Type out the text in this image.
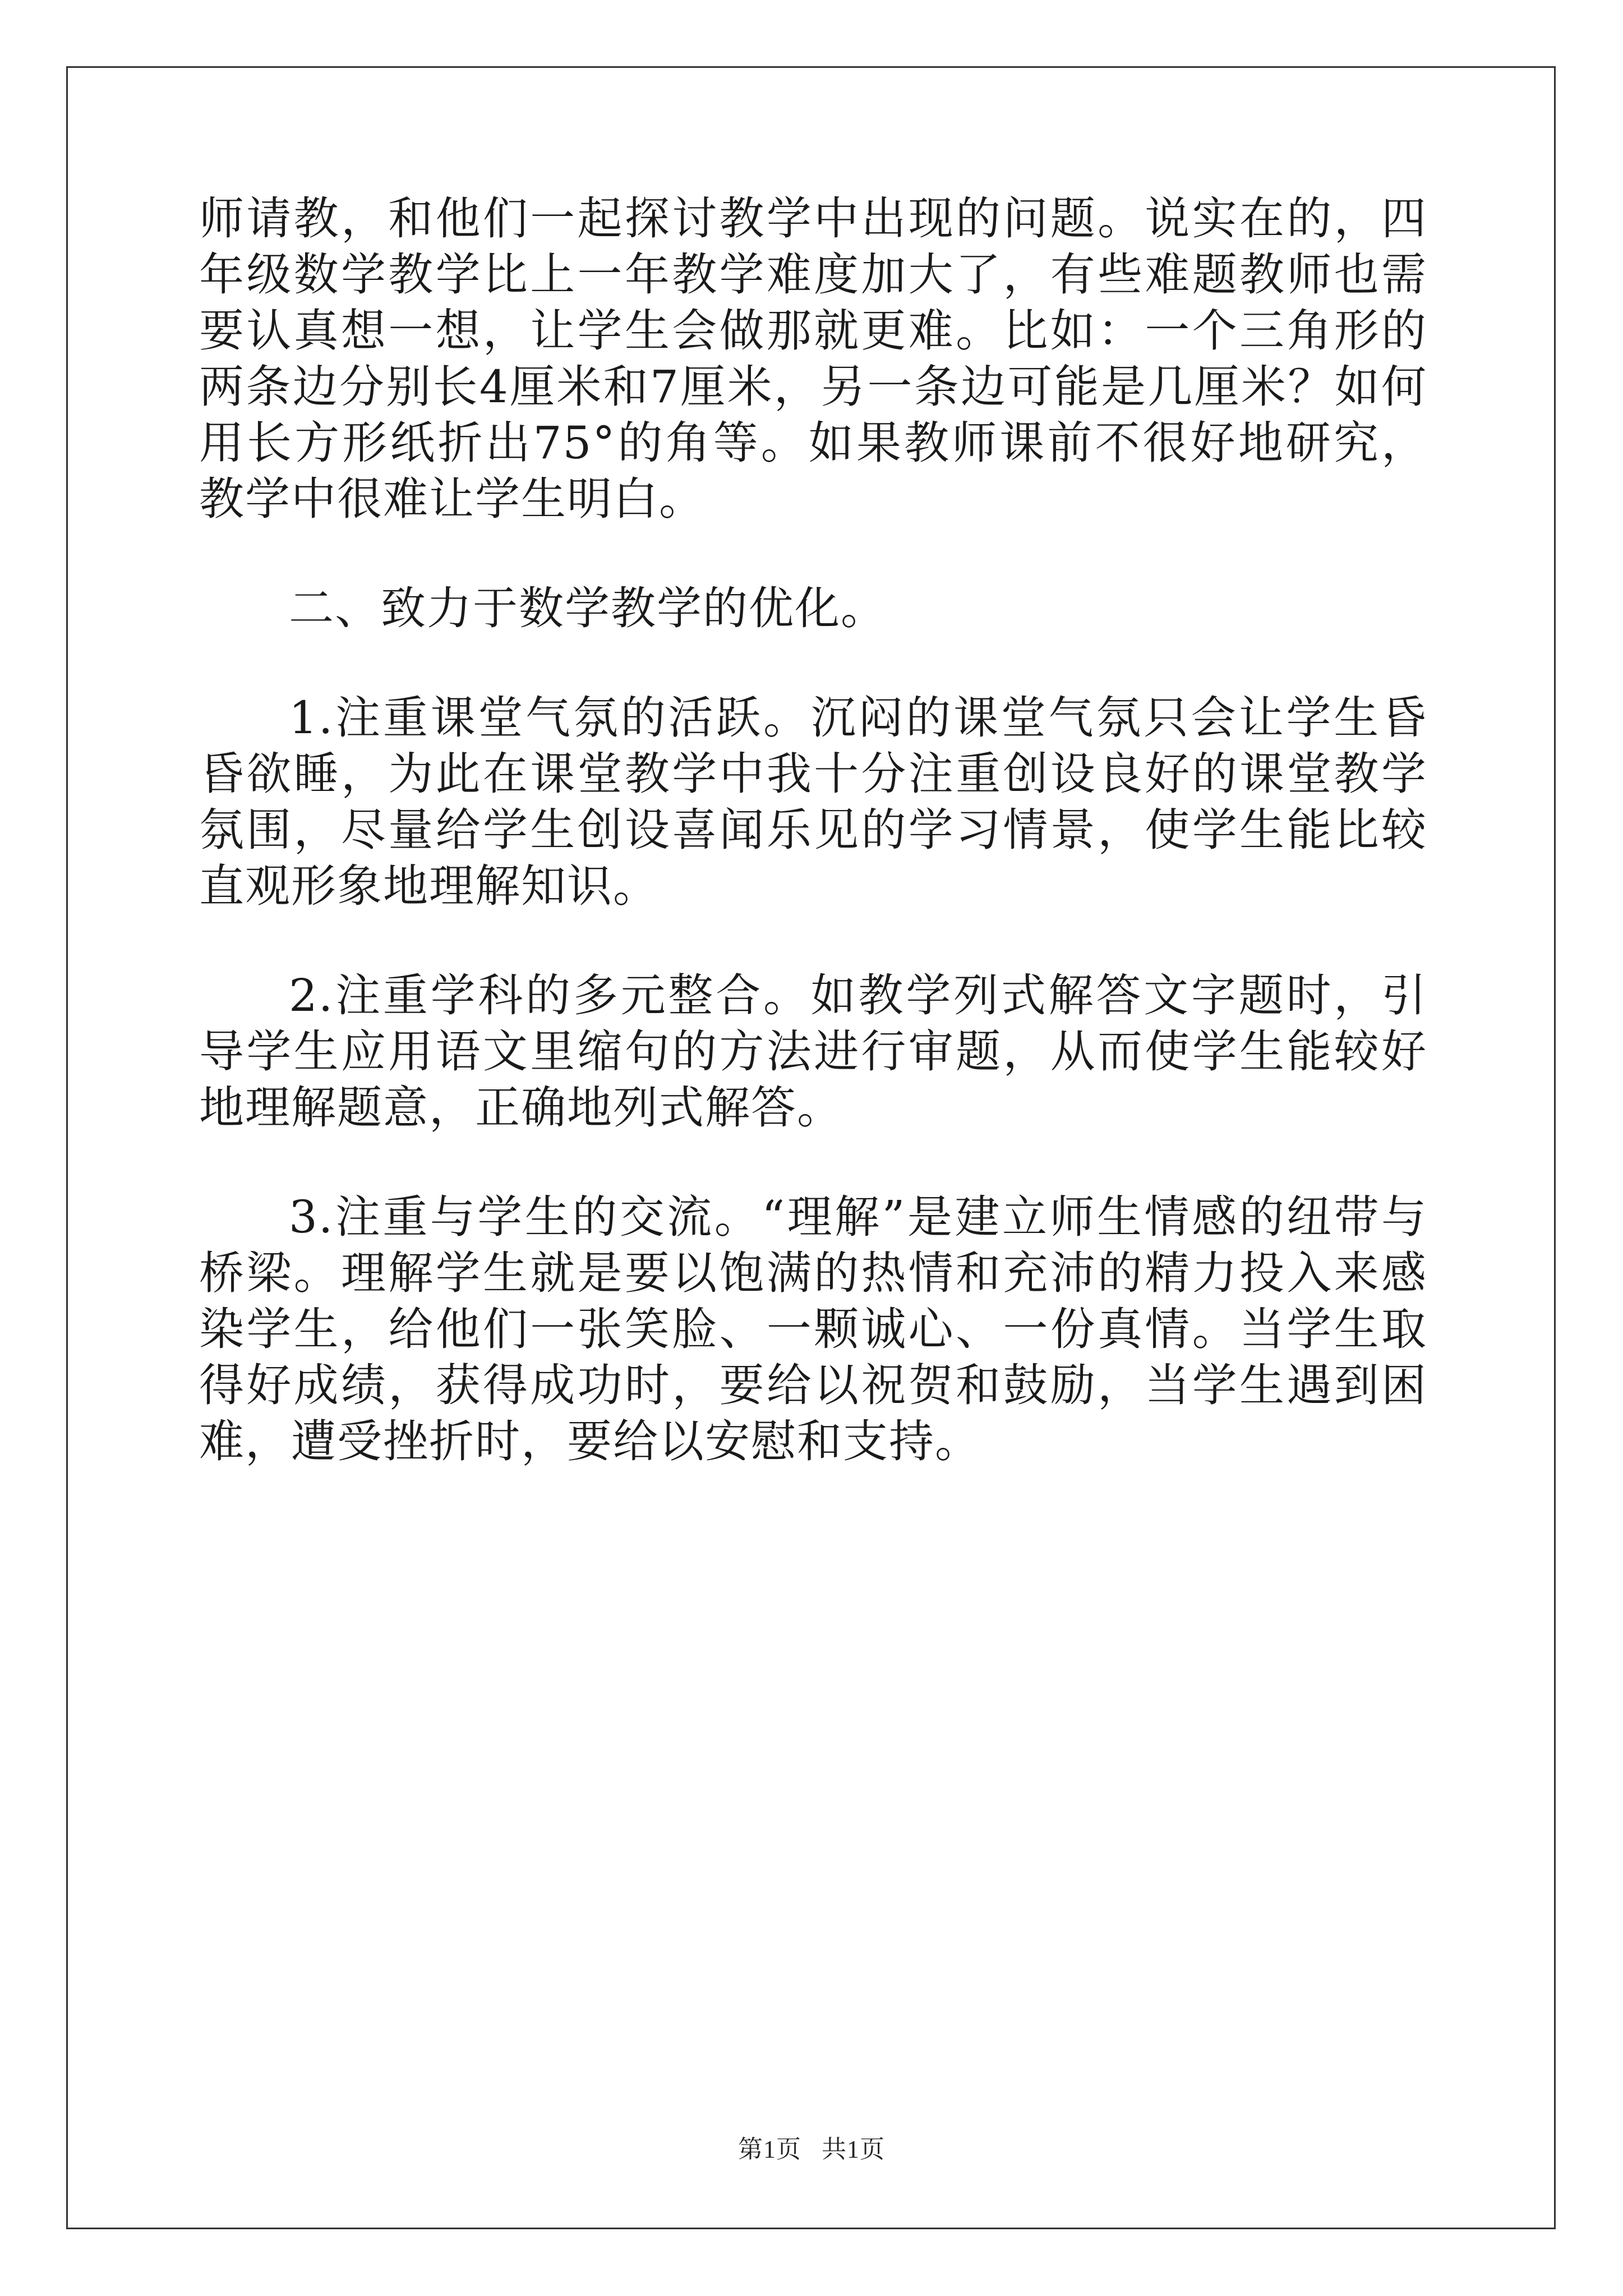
师请教，和他们一起探讨教学中出现的问题。说实在的，四年级数学教学比上一年教学难度加大了，有些难题教师也需要认真想一想，让学生会做那就更难。比如：一个三角形的两条边分别长4厘米和7厘米，另一条边可能是几厘米？如何用长方形纸折出75°的角等。如果教师课前不很好地研究，教学中很难让学生明白。

二、致力于数学教学的优化。

1.注重课堂气氛的活跃。沉闷的课堂气氛只会让学生昏昏欲睡，为此在课堂教学中我十分注重创设良好的课堂教学氛围，尽量给学生创设喜闻乐见的学习情景，使学生能比较直观形象地理解知识。

2.注重学科的多元整合。如教学列式解答文字题时，引导学生应用语文里缩句的方法进行审题，从而使学生能较好地理解题意，正确地列式解答。

3.注重与学生的交流。“理解”是建立师生情感的纽带与桥梁。理解学生就是要以饱满的热情和充沛的精力投入来感染学生，给他们一张笑脸、一颗诚心、一份真情。当学生取得好成绩，获得成功时，要给以祝贺和鼓励，当学生遇到困难，遭受挫折时，要给以安慰和支持。

第1页   共1页
